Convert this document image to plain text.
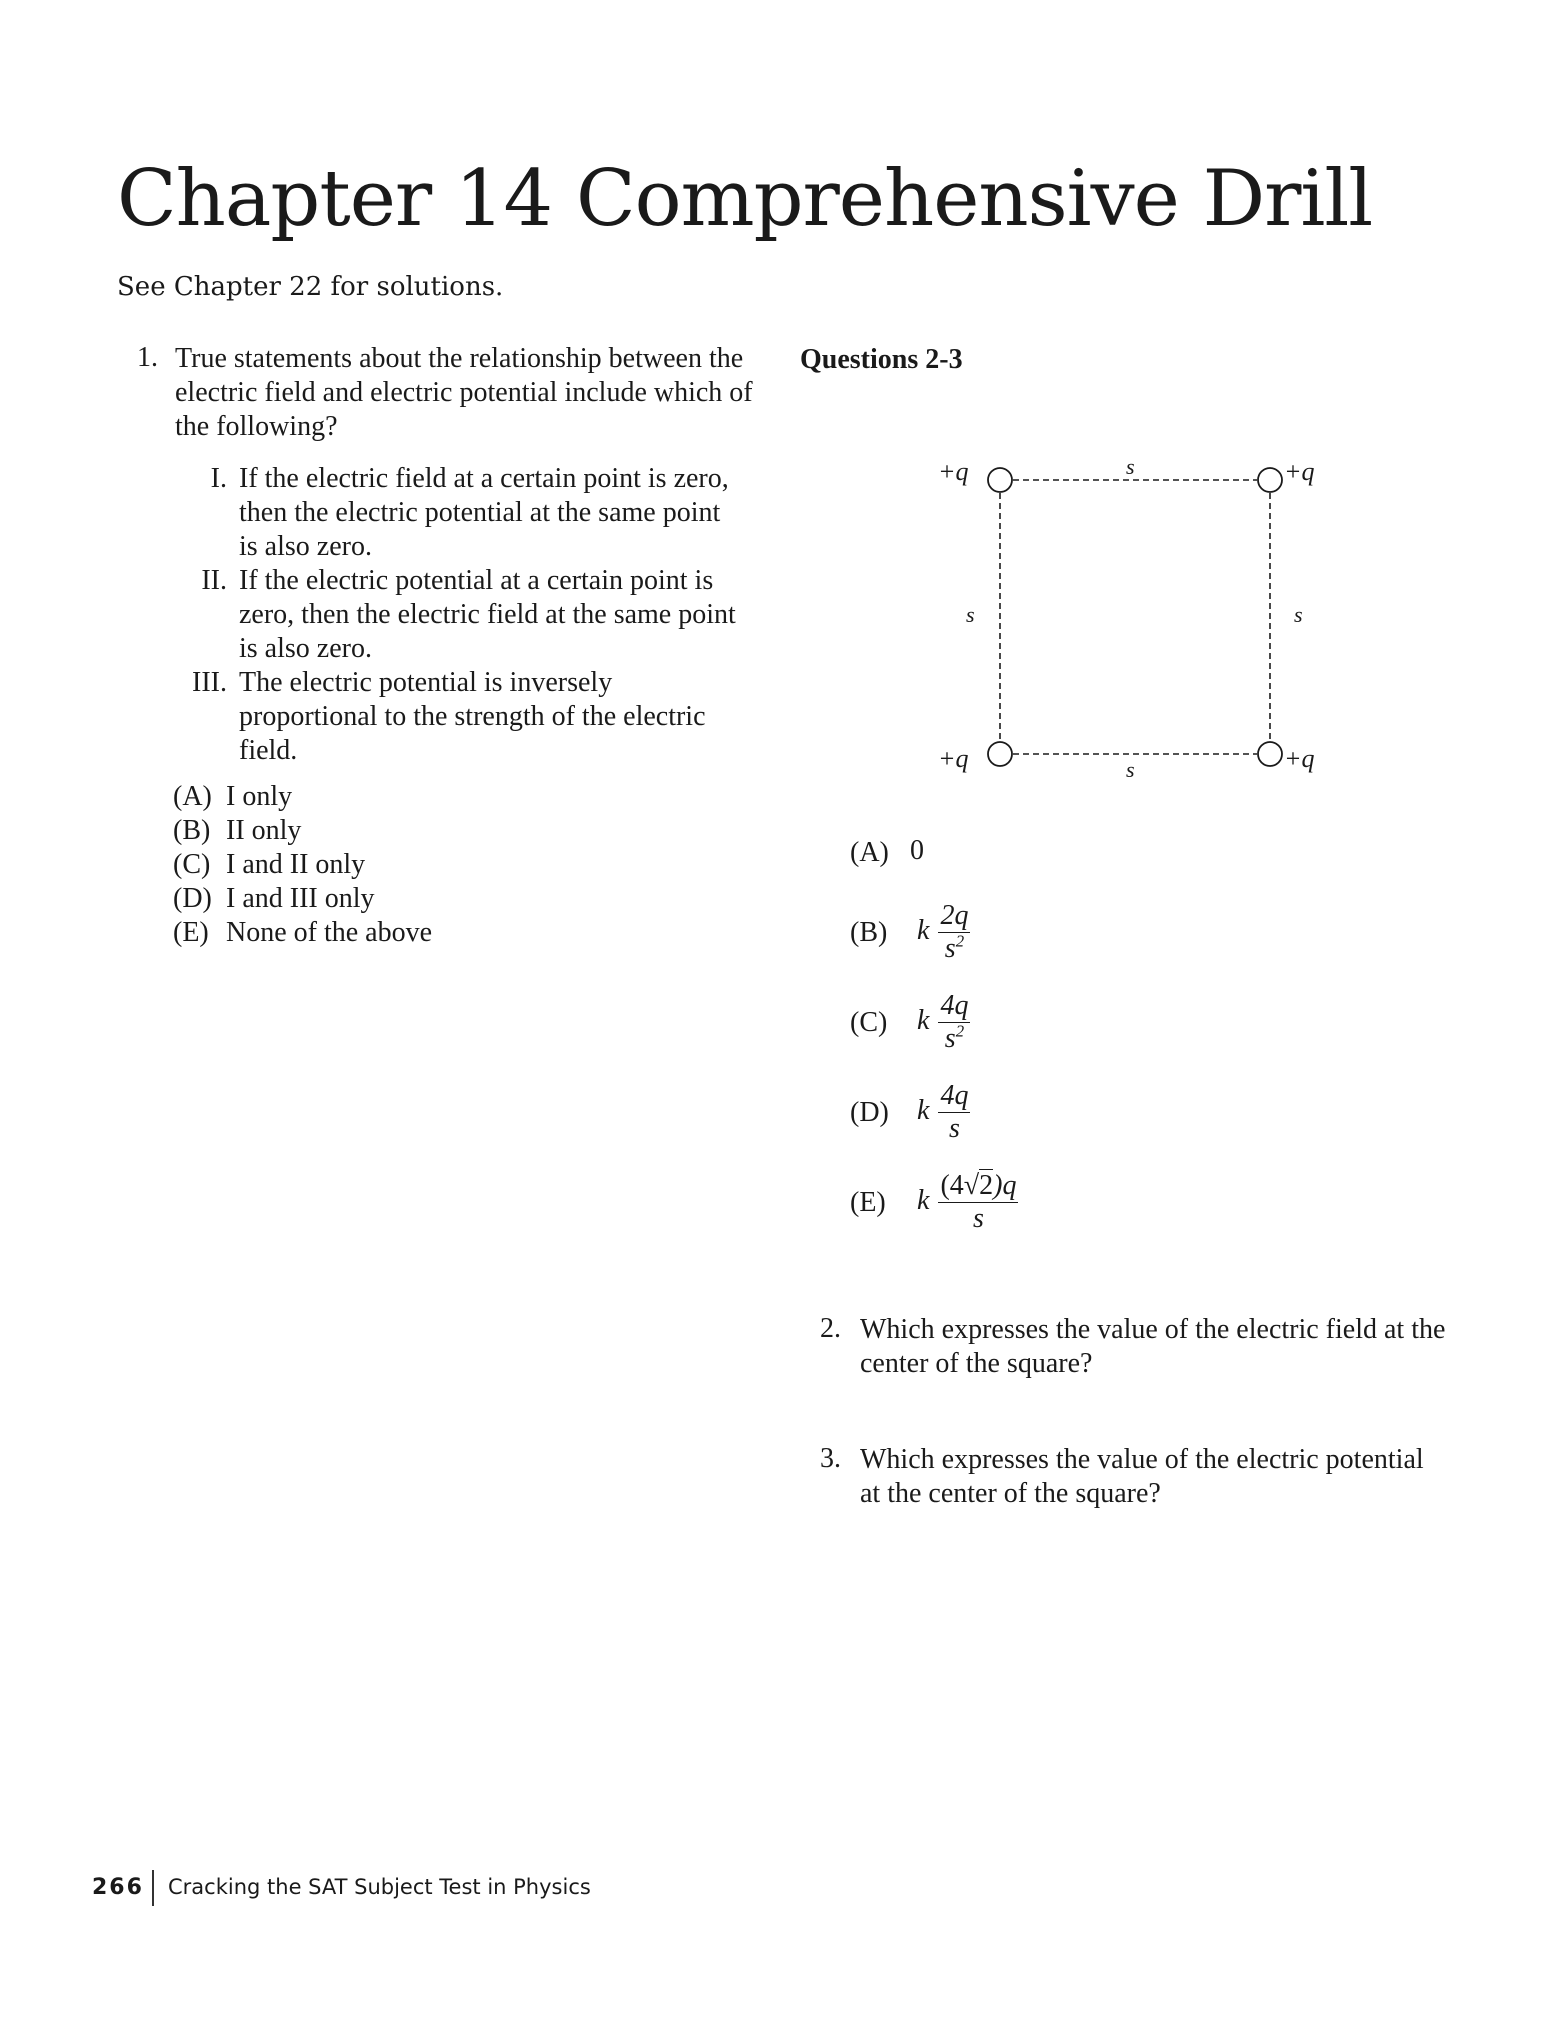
Chapter 14 Comprehensive Drill
See Chapter 22 for solutions.
1. True statements about the relationship between the electric field and electric potential include which of the following?
I. If the electric field at a certain point is zero, then the electric potential at the same point is also zero.
II. If the electric potential at a certain point is zero, then the electric field at the same point is also zero.
III. The electric potential is inversely proportional to the strength of the electric field.
(A) I only
(B) II only
(C) I and II only
(D) I and III only
(E) None of the above
Questions 2-3
+q	+q
+q	+q
s
s
s	s
(A) 0
(B) k $\frac{2q}{s^2}$
(C) k $\frac{4q}{s^2}$
(D) k $\frac{4q}{s}$
(E) k $\frac{(4√2)q}{s}$
2. Which expresses the value of the electric field at the center of the square?
3. Which expresses the value of the electric potential at the center of the square?
266 Cracking the SAT Subject Test in Physics
